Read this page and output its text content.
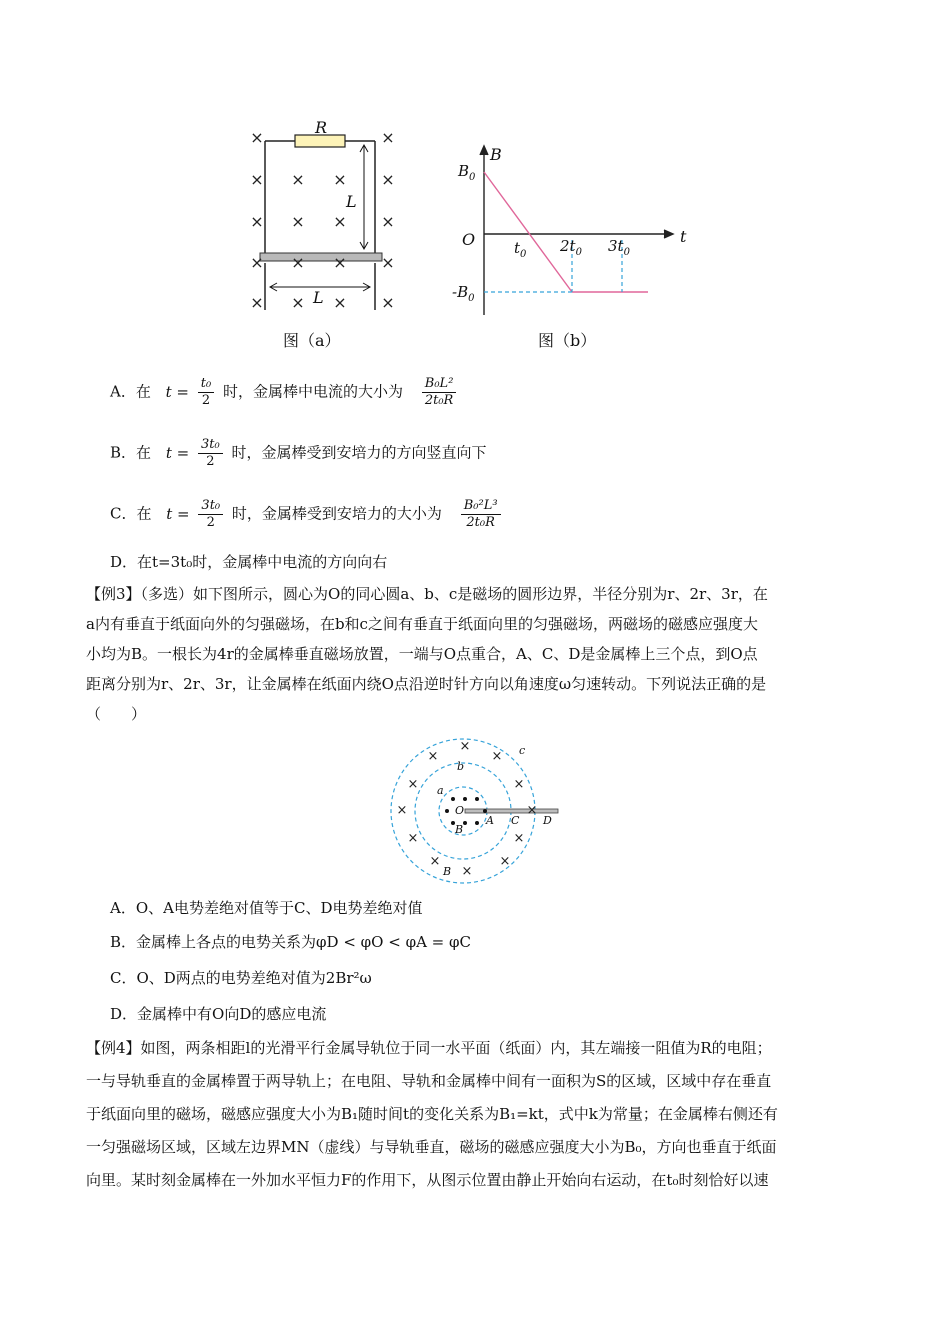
×	×
× × × ×
× × × ×
× × × ×
× × × ×
R
L
L
图（a）
B
t
O
$B_0$
$-B_0$
$t_0$ $2t_0$ $3t_0$
图（b）
A．在 $t = \frac{\text{t₀}}{2}$ 时，金属棒中电流的大小为 $\frac{\text{B₀L²}}{\text{2t₀R}}$
B．在 $t = \frac{\text{3t₀}}{2}$ 时，金属棒受到安培力的方向竖直向下
C．在 $t = \frac{\text{3t₀}}{2}$ 时，金属棒受到安培力的大小为 $\frac{\text{B₀²L³}}{\text{2t₀R}}$
D．在t=3t₀时，金属棒中电流的方向向右
【例3】（多选）如下图所示，圆心为O的同心圆a、b、c是磁场的圆形边界，半径分别为r、2r、3r，在
a内有垂直于纸面向外的匀强磁场，在b和c之间有垂直于纸面向里的匀强磁场，两磁场的磁感应强度大
小均为B。一根长为4r的金属棒垂直磁场放置，一端与O点重合，A、C、D是金属棒上三个点，到O点
距离分别为r、2r、3r，让金属棒在纸面内绕O点沿逆时针方向以角速度ω匀速转动。下列说法正确的是
（　　）
×
×
×
×	×
×	×
×	×
×
×
×
a
b
c
O
A C D
B
B
A．O、A电势差绝对值等于C、D电势差绝对值
B．金属棒上各点的电势关系为φD < φO < φA = φC
C．O、D两点的电势差绝对值为2Br²ω
D．金属棒中有O向D的感应电流
【例4】如图，两条相距l的光滑平行金属导轨位于同一水平面（纸面）内，其左端接一阻值为R的电阻；
一与导轨垂直的金属棒置于两导轨上；在电阻、导轨和金属棒中间有一面积为S的区域，区域中存在垂直
于纸面向里的磁场，磁感应强度大小为B₁随时间t的变化关系为B₁=kt，式中k为常量；在金属棒右侧还有
一匀强磁场区域，区域左边界MN（虚线）与导轨垂直，磁场的磁感应强度大小为B₀，方向也垂直于纸面
向里。某时刻金属棒在一外加水平恒力F的作用下，从图示位置由静止开始向右运动，在t₀时刻恰好以速
